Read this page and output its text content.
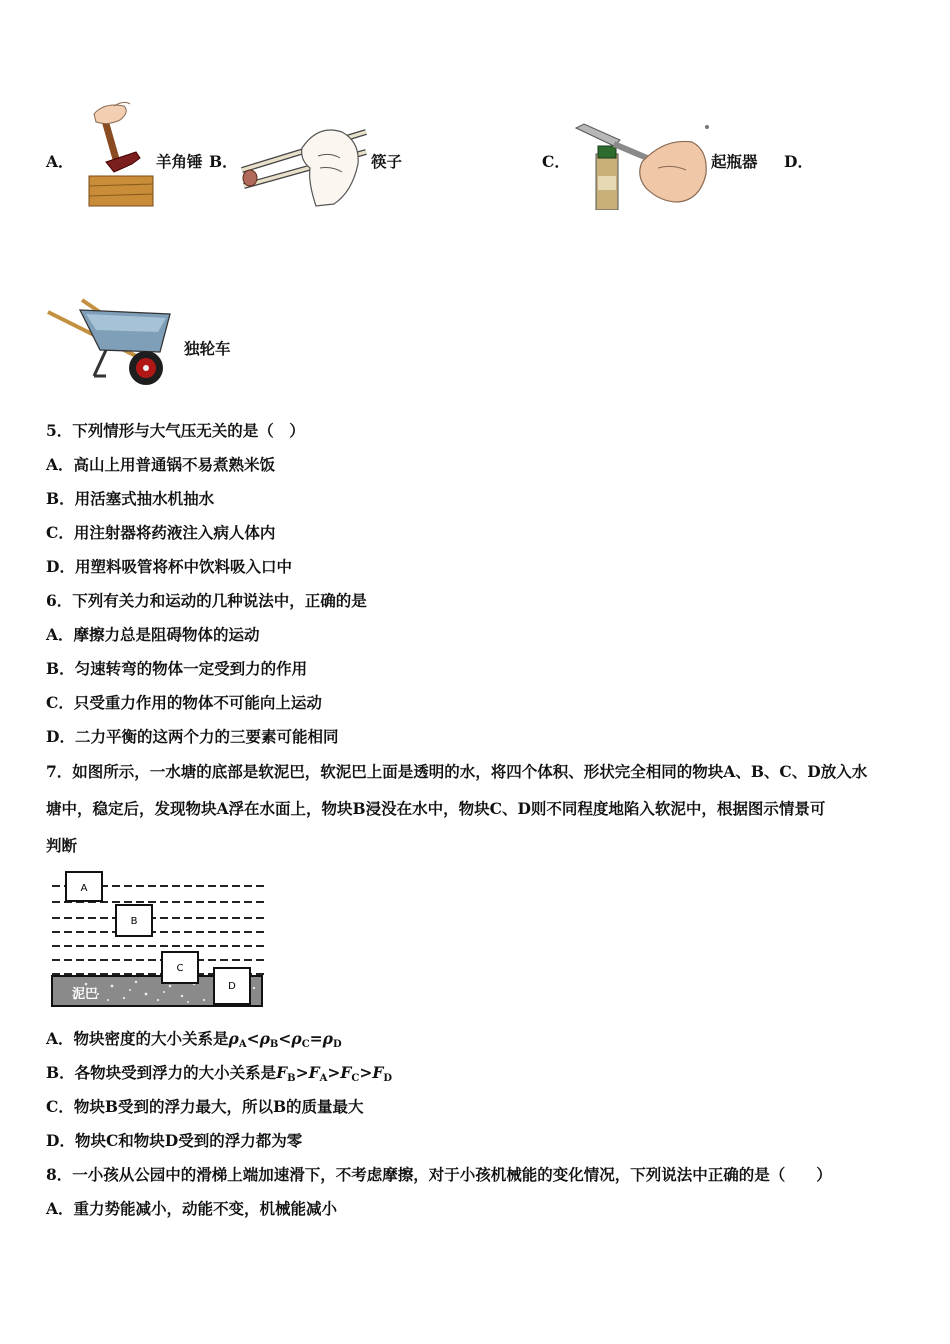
A．	羊角锤 B．	筷子	C．	起瓶器 D．
独轮车
5．下列情形与大气压无关的是（　）
A．高山上用普通锅不易煮熟米饭
B．用活塞式抽水机抽水
C．用注射器将药液注入病人体内
D．用塑料吸管将杯中饮料吸入口中
6．下列有关力和运动的几种说法中，正确的是
A．摩擦力总是阻碍物体的运动
B．匀速转弯的物体一定受到力的作用
C．只受重力作用的物体不可能向上运动
D．二力平衡的这两个力的三要素可能相同
7．如图所示，一水塘的底部是软泥巴，软泥巴上面是透明的水，将四个体积、形状完全相同的物块A、B、C、D放入水
塘中，稳定后，发现物块A浮在水面上，物块B浸没在水中，物块C、D则不同程度地陷入软泥中，根据图示情景可
判断
泥巴
A
B
C
D
A．物块密度的大小关系是$\rho_A<\rho_B<\rho_C=\rho_D$
B．各物块受到浮力的大小关系是$F_B>F_A>F_C>F_D$
C．物块B受到的浮力最大，所以B的质量最大
D．物块C和物块D受到的浮力都为零
8．一小孩从公园中的滑梯上端加速滑下，不考虑摩擦，对于小孩机械能的变化情况，下列说法中正确的是（　　）
A．重力势能减小，动能不变，机械能减小
